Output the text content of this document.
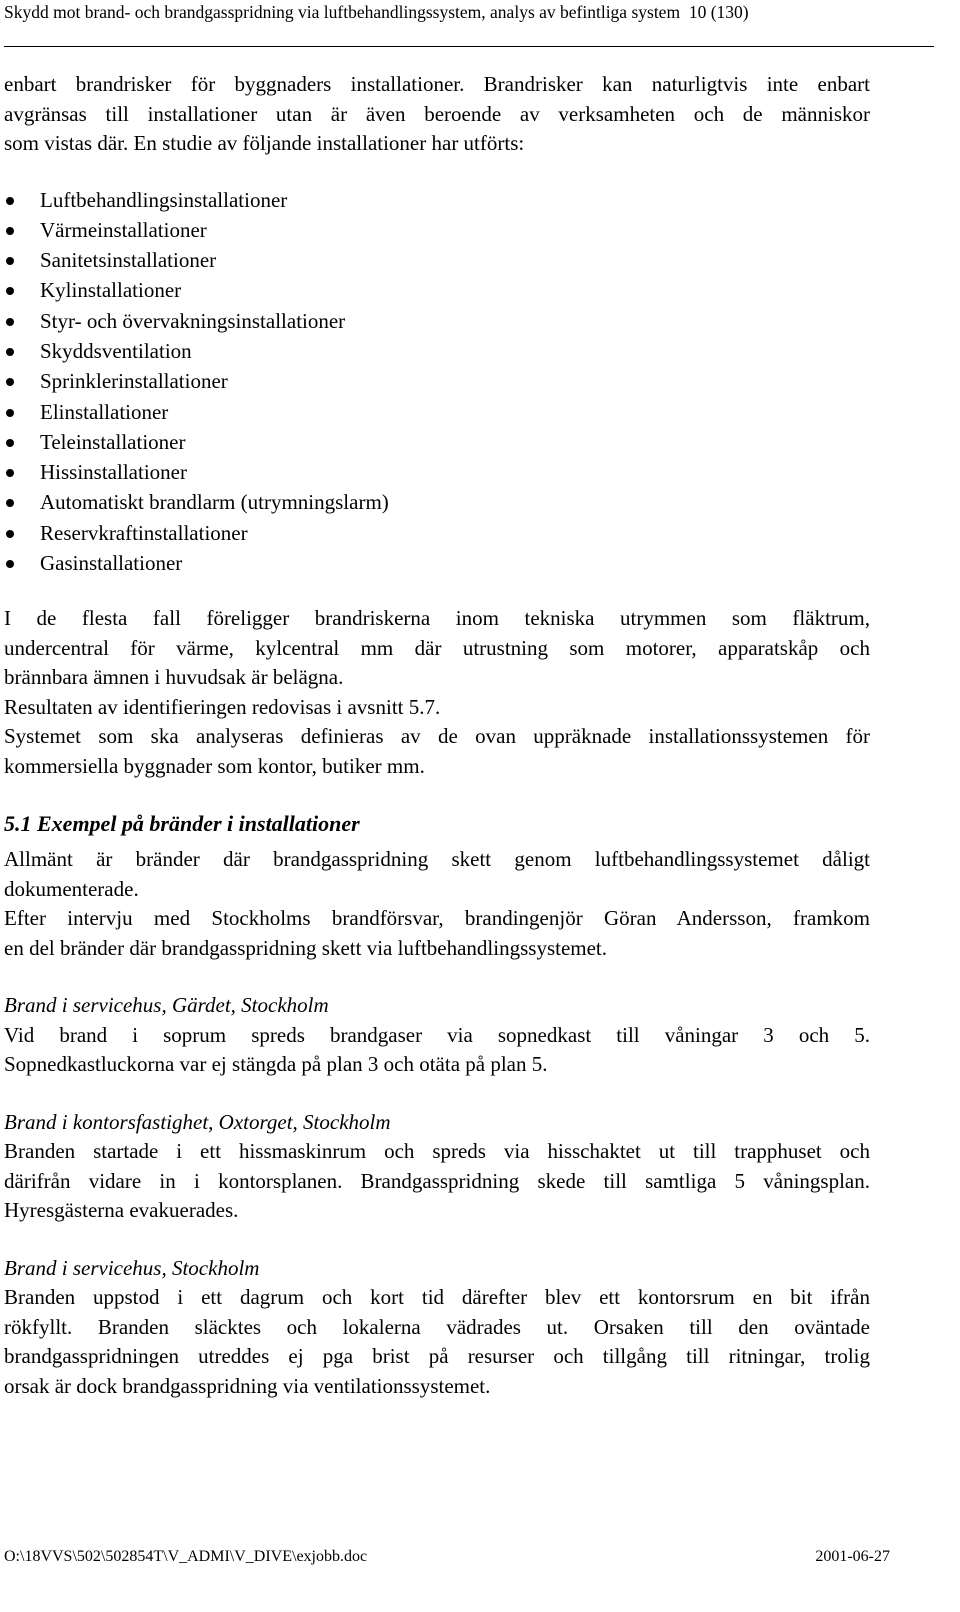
Skydd mot brand- och brandgasspridning via luftbehandlingssystem, analys av befintliga system 10 (130)

enbart brandrisker för byggnaders installationer. Brandrisker kan naturligtvis inte enbart

avgränsas till installationer utan är även beroende av verksamheten och de människor

som vistas där. En studie av följande installationer har utförts:

Luftbehandlingsinstallationer
Värmeinstallationer
Sanitetsinstallationer
Kylinstallationer
Styr- och övervakningsinstallationer
Skyddsventilation
Sprinklerinstallationer
Elinstallationer
Teleinstallationer
Hissinstallationer
Automatiskt brandlarm (utrymningslarm)
Reservkraftinstallationer
Gasinstallationer

I de flesta fall föreligger brandriskerna inom tekniska utrymmen som fläktrum,

undercentral för värme, kylcentral mm där utrustning som motorer, apparatskåp och

brännbara ämnen i huvudsak är belägna.

Resultaten av identifieringen redovisas i avsnitt 5.7.

Systemet som ska analyseras definieras av de ovan uppräknade installationssystemen för

kommersiella byggnader som kontor, butiker mm.

5.1 Exempel på bränder i installationer

Allmänt är bränder där brandgasspridning skett genom luftbehandlingssystemet dåligt

dokumenterade.

Efter intervju med Stockholms brandförsvar, brandingenjör Göran Andersson, framkom

en del bränder där brandgasspridning skett via luftbehandlingssystemet.

Brand i servicehus, Gärdet, Stockholm

Vid brand i soprum spreds brandgaser via sopnedkast till våningar 3 och 5.

Sopnedkastluckorna var ej stängda på plan 3 och otäta på plan 5.

Brand i kontorsfastighet, Oxtorget, Stockholm

Branden startade i ett hissmaskinrum och spreds via hisschaktet ut till trapphuset och

därifrån vidare in i kontorsplanen. Brandgasspridning skede till samtliga 5 våningsplan.

Hyresgästerna evakuerades.

Brand i servicehus, Stockholm

Branden uppstod i ett dagrum och kort tid därefter blev ett kontorsrum en bit ifrån

rökfyllt. Branden släcktes och lokalerna vädrades ut. Orsaken till den oväntade

brandgasspridningen utreddes ej pga brist på resurser och tillgång till ritningar, trolig

orsak är dock brandgasspridning via ventilationssystemet.

O:\18VVS\502\502854T\V_ADMI\V_DIVE\exjobb.doc	2001-06-27
